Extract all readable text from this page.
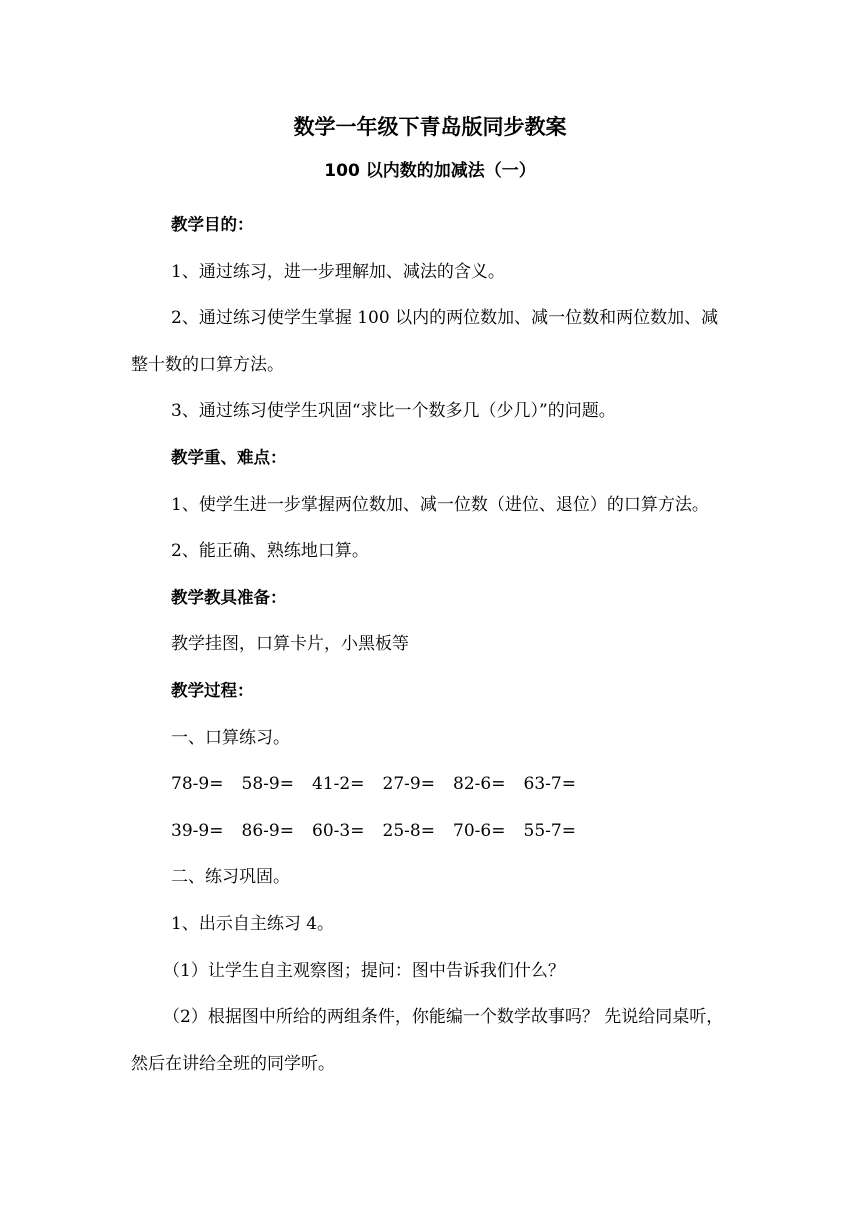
数学一年级下青岛版同步教案
100 以内数的加减法（一）

教学目的：

1、通过练习，进一步理解加、减法的含义。

2、通过练习使学生掌握 100 以内的两位数加、减一位数和两位数加、减整十数的口算方法。

3、通过练习使学生巩固“求比一个数多几（少几）”的问题。

教学重、难点：

1、使学生进一步掌握两位数加、减一位数（进位、退位）的口算方法。

2、能正确、熟练地口算。

教学教具准备：

教学挂图，口算卡片，小黑板等

教学过程：

一、口算练习。

78-9=	58-9=	41-2=	27-9=	82-6=	63-7=
39-9=	86-9=	60-3=	25-8=	70-6=	55-7=

二、练习巩固。

1、出示自主练习 4。

（1）让学生自主观察图；提问：图中告诉我们什么？

（2）根据图中所给的两组条件，你能编一个数学故事吗？ 先说给同桌听，然后在讲给全班的同学听。
